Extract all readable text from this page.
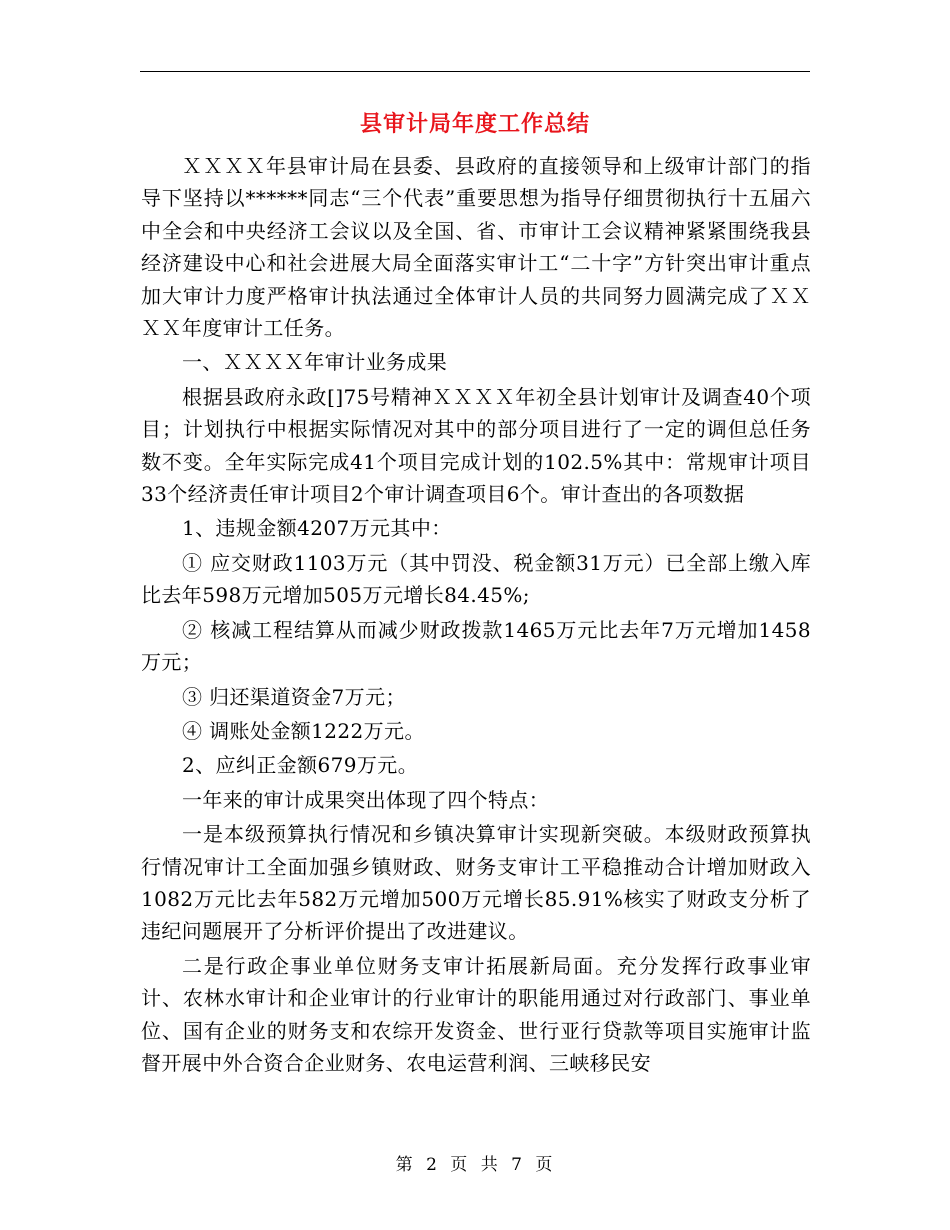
县审计局年度工作总结

ＸＸＸＸ年县审计局在县委、县政府的直接领导和上级审计部门的指导下坚持以******同志“三个代表”重要思想为指导仔细贯彻执行十五届六中全会和中央经济工会议以及全国、省、市审计工会议精神紧紧围绕我县经济建设中心和社会进展大局全面落实审计工“二十字”方针突出审计重点加大审计力度严格审计执法通过全体审计人员的共同努力圆满完成了ＸＸＸＸ年度审计工任务。

一、ＸＸＸＸ年审计业务成果

根据县政府永政[]75号精神ＸＸＸＸ年初全县计划审计及调查40个项目；计划执行中根据实际情况对其中的部分项目进行了一定的调但总任务数不变。全年实际完成41个项目完成计划的102.5%其中：常规审计项目33个经济责任审计项目2个审计调查项目6个。审计查出的各项数据

1、违规金额4207万元其中：

① 应交财政1103万元（其中罚没、税金额31万元）已全部上缴入库比去年598万元增加505万元增长84.45%;

② 核减工程结算从而减少财政拨款1465万元比去年7万元增加1458万元；

③ 归还渠道资金7万元；

④ 调账处金额1222万元。

2、应纠正金额679万元。

一年来的审计成果突出体现了四个特点：

一是本级预算执行情况和乡镇决算审计实现新突破。本级财政预算执行情况审计工全面加强乡镇财政、财务支审计工平稳推动合计增加财政入1082万元比去年582万元增加500万元增长85.91%核实了财政支分析了违纪问题展开了分析评价提出了改进建议。

二是行政企事业单位财务支审计拓展新局面。充分发挥行政事业审计、农林水审计和企业审计的行业审计的职能用通过对行政部门、事业单位、国有企业的财务支和农综开发资金、世行亚行贷款等项目实施审计监督开展中外合资合企业财务、农电运营利润、三峡移民安

第 2 页 共 7 页
